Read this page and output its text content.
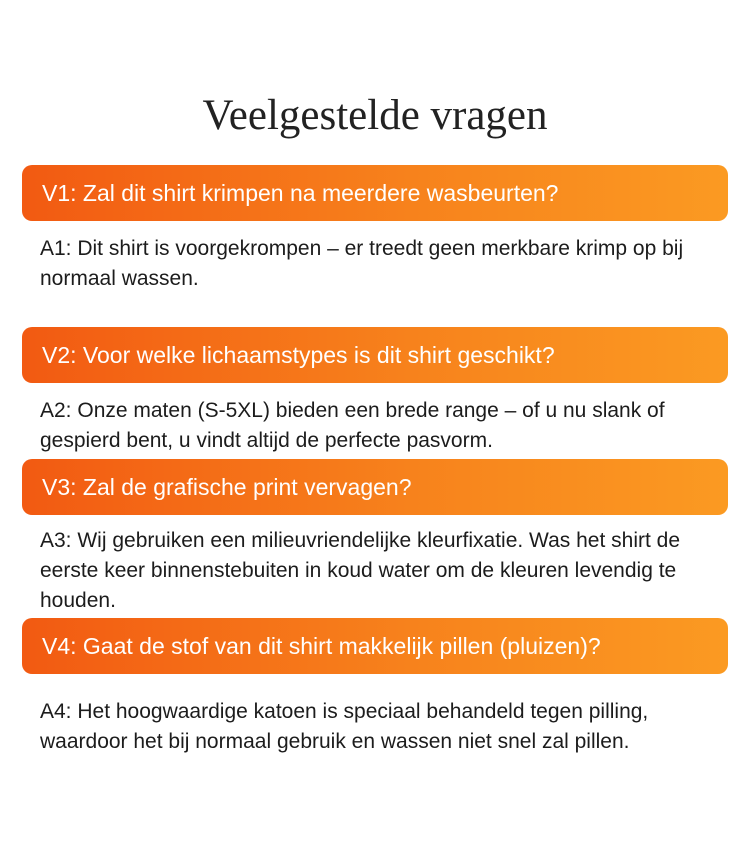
Veelgestelde vragen
V1: Zal dit shirt krimpen na meerdere wasbeurten?
A1: Dit shirt is voorgekrompen – er treedt geen merkbare krimp op bij normaal wassen.
V2: Voor welke lichaamstypes is dit shirt geschikt?
A2: Onze maten (S-5XL) bieden een brede range – of u nu slank of gespierd bent, u vindt altijd de perfecte pasvorm.
V3: Zal de grafische print vervagen?
A3: Wij gebruiken een milieuvriendelijke kleurfixatie. Was het shirt de eerste keer binnenstebuiten in koud water om de kleuren levendig te houden.
V4: Gaat de stof van dit shirt makkelijk pillen (pluizen)?
A4: Het hoogwaardige katoen is speciaal behandeld tegen pilling, waardoor het bij normaal gebruik en wassen niet snel zal pillen.
